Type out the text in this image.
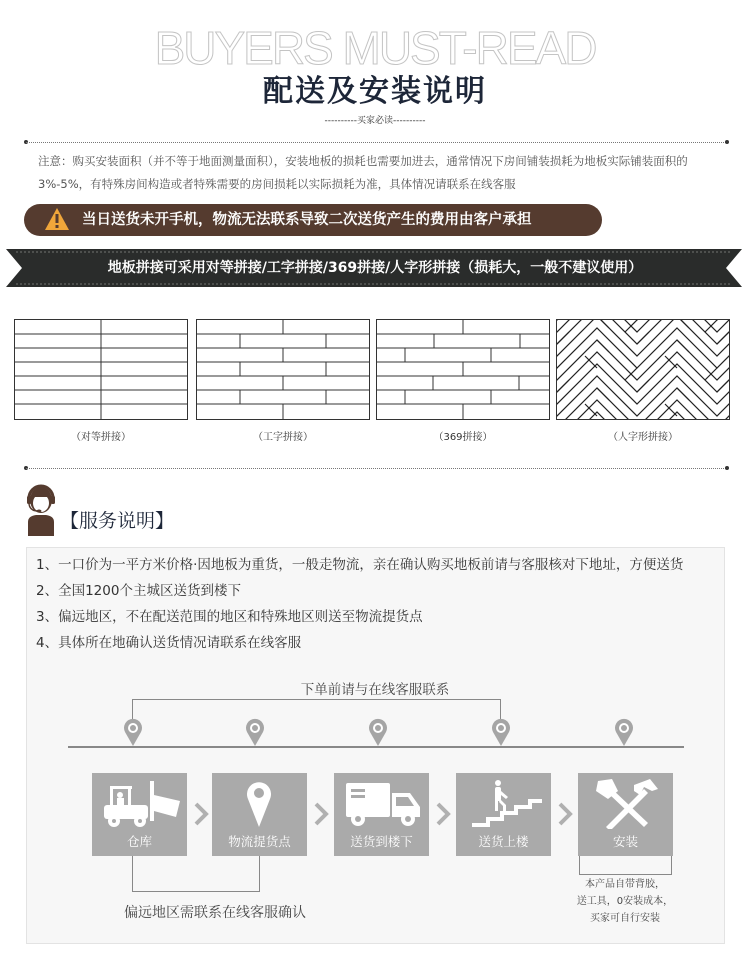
BUYERS MUST-READ
配送及安装说明
----------买家必读----------
注意：购买安装面积（并不等于地面测量面积），安装地板的损耗也需要加进去，通常情况下房间铺装损耗为地板实际铺装面积的3%-5%，有特殊房间构造或者特殊需要的房间损耗以实际损耗为准，具体情况请联系在线客服
当日送货未开手机，物流无法联系导致二次送货产生的费用由客户承担
地板拼接可采用对等拼接/工字拼接/369拼接/人字形拼接（损耗大，一般不建议使用）
（对等拼接）	（工字拼接）	（369拼接）	（人字形拼接）
【服务说明】
1、一口价为一平方米价格·因地板为重货，一般走物流，亲在确认购买地板前请与客服核对下地址，方便送货
2、全国1200个主城区送货到楼下
3、偏远地区，不在配送范围的地区和特殊地区则送至物流提货点
4、具体所在地确认送货情况请联系在线客服
下单前请与在线客服联系
仓库	物流提货点	送货到楼下	送货上楼	安装
偏远地区需联系在线客服确认
本产品自带背胶，
送工具，0安装成本，
买家可自行安装
